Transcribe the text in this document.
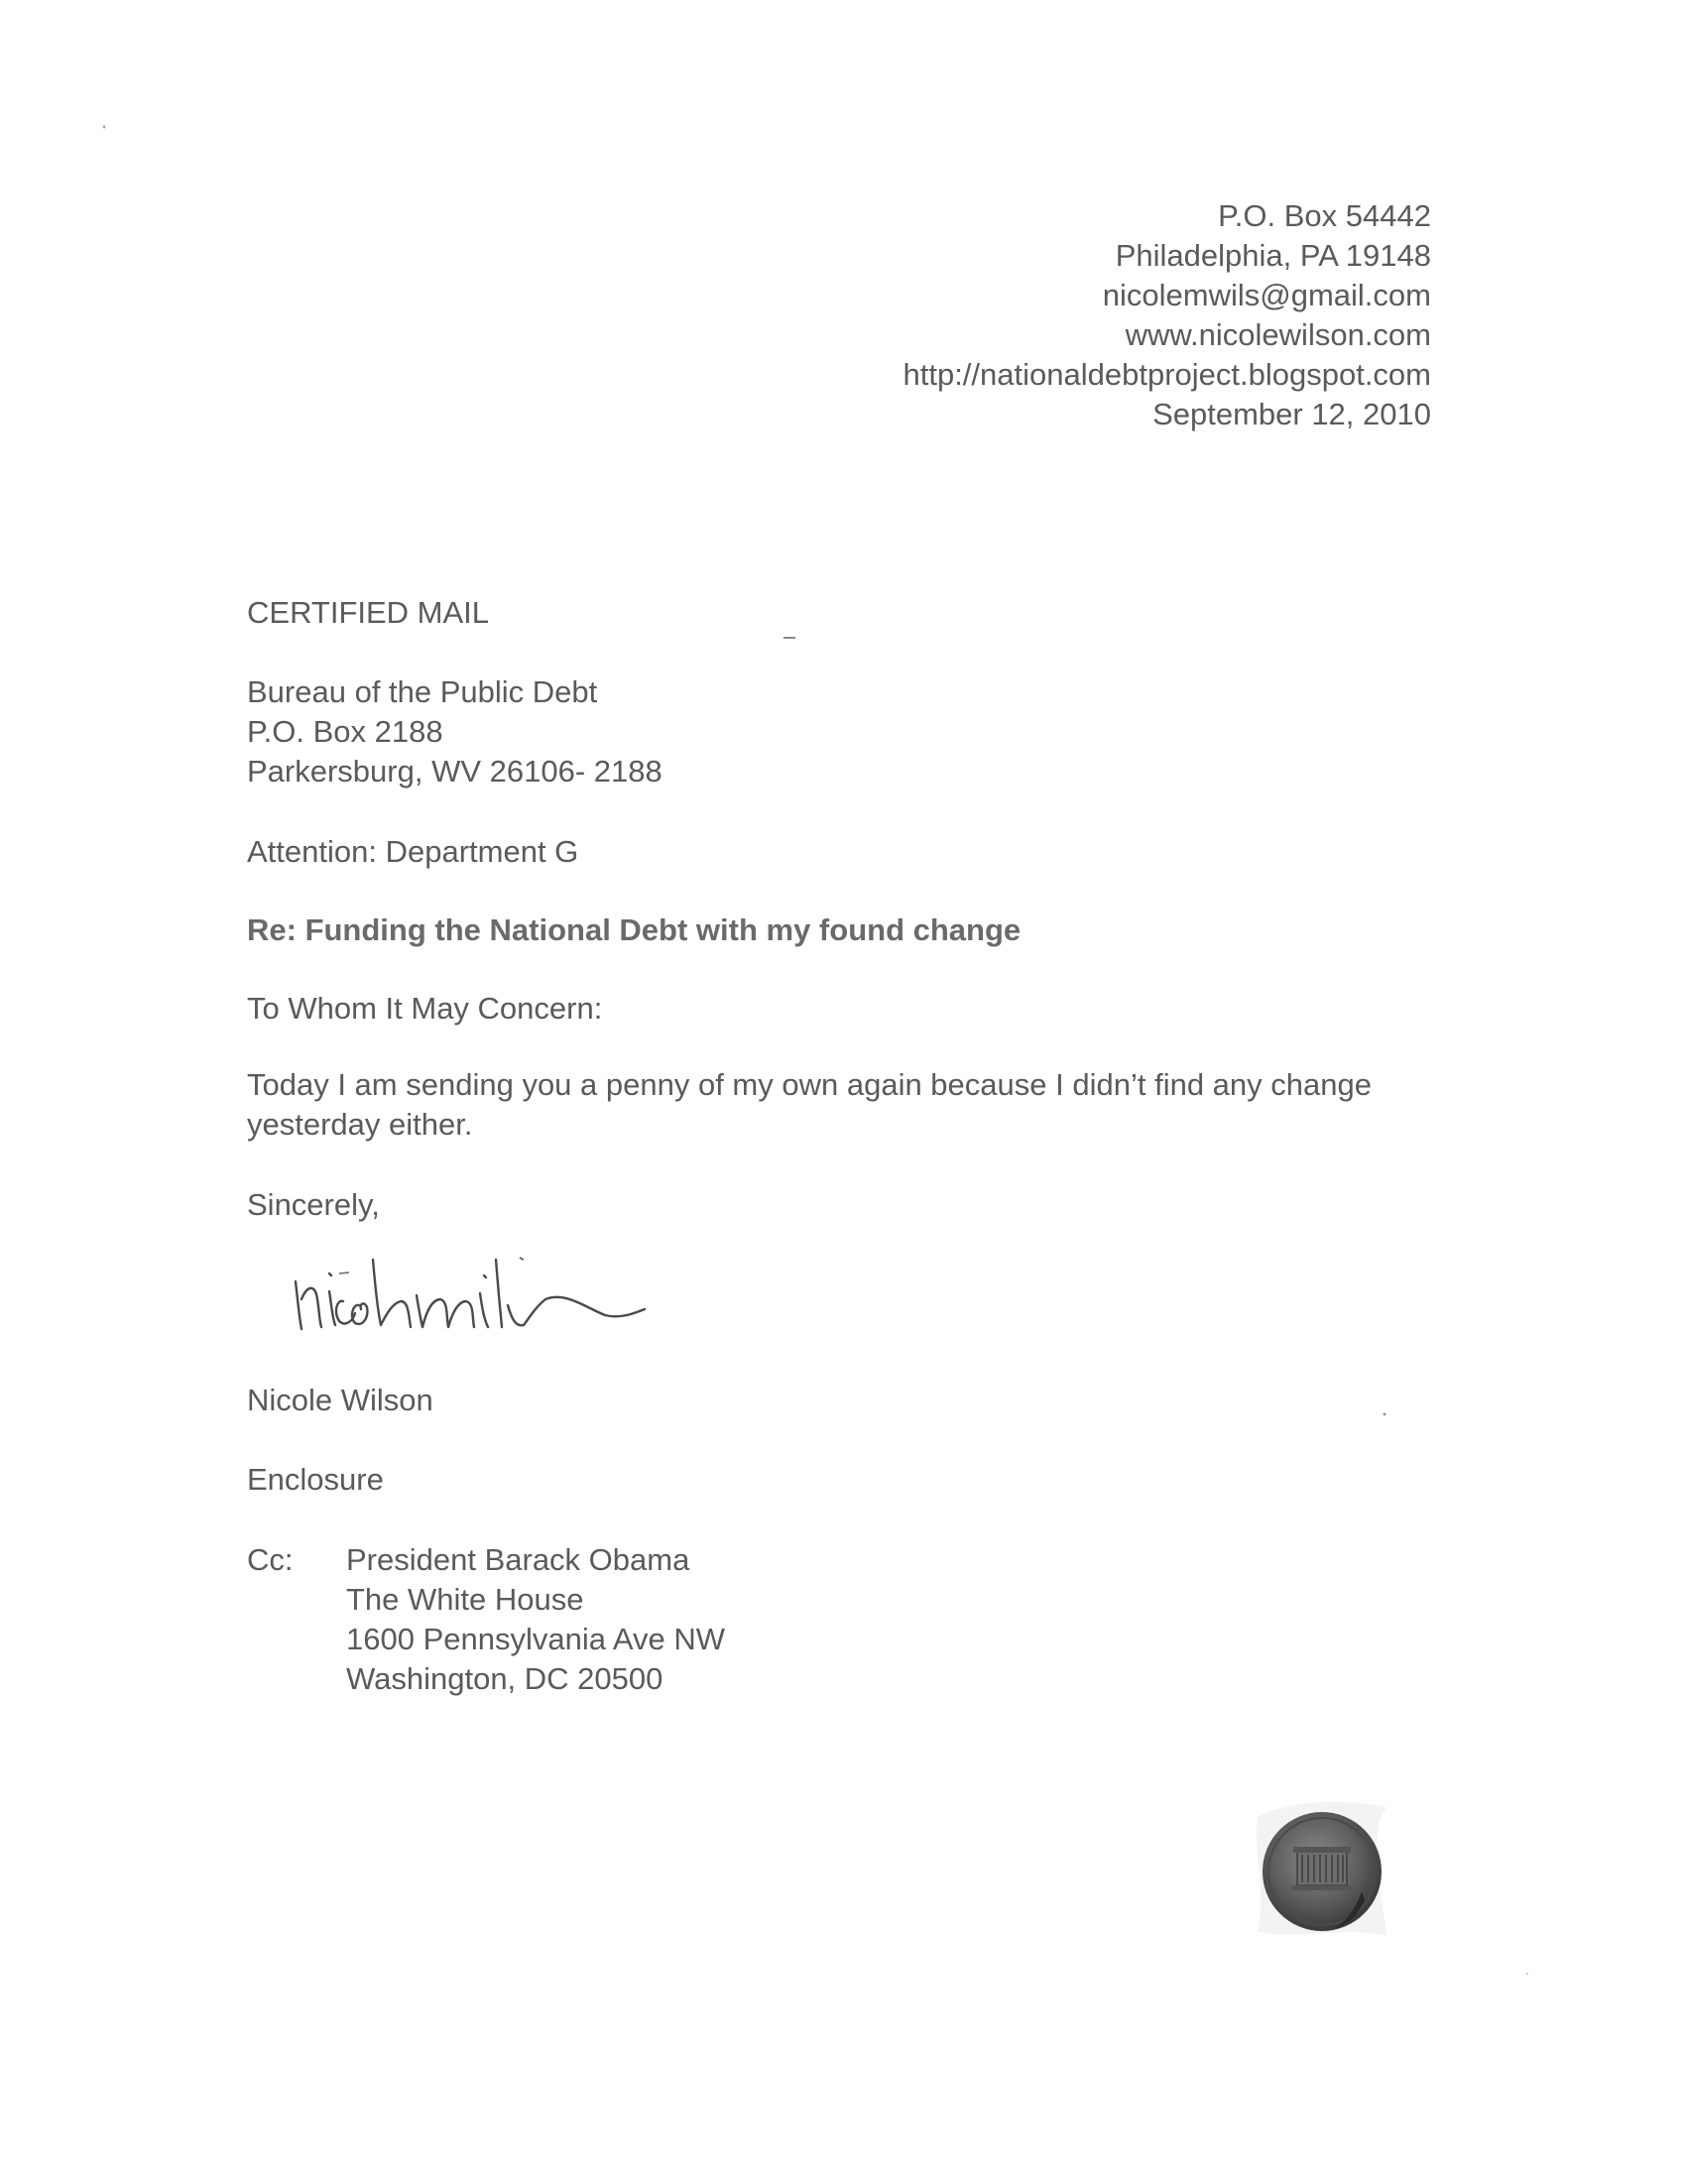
P.O. Box 54442
Philadelphia, PA 19148
nicolemwils@gmail.com
www.nicolewilson.com
http://nationaldebtproject.blogspot.com
September 12, 2010
CERTIFIED MAIL
Bureau of the Public Debt
P.O. Box 2188
Parkersburg, WV 26106- 2188
Attention: Department G
Re: Funding the National Debt with my found change
To Whom It May Concern:
Today I am sending you a penny of my own again because I didn’t find any change yesterday either.
Sincerely,
Nicole Wilson
Enclosure
Cc: President Barack Obama
The White House
1600 Pennsylvania Ave NW
Washington, DC 20500
